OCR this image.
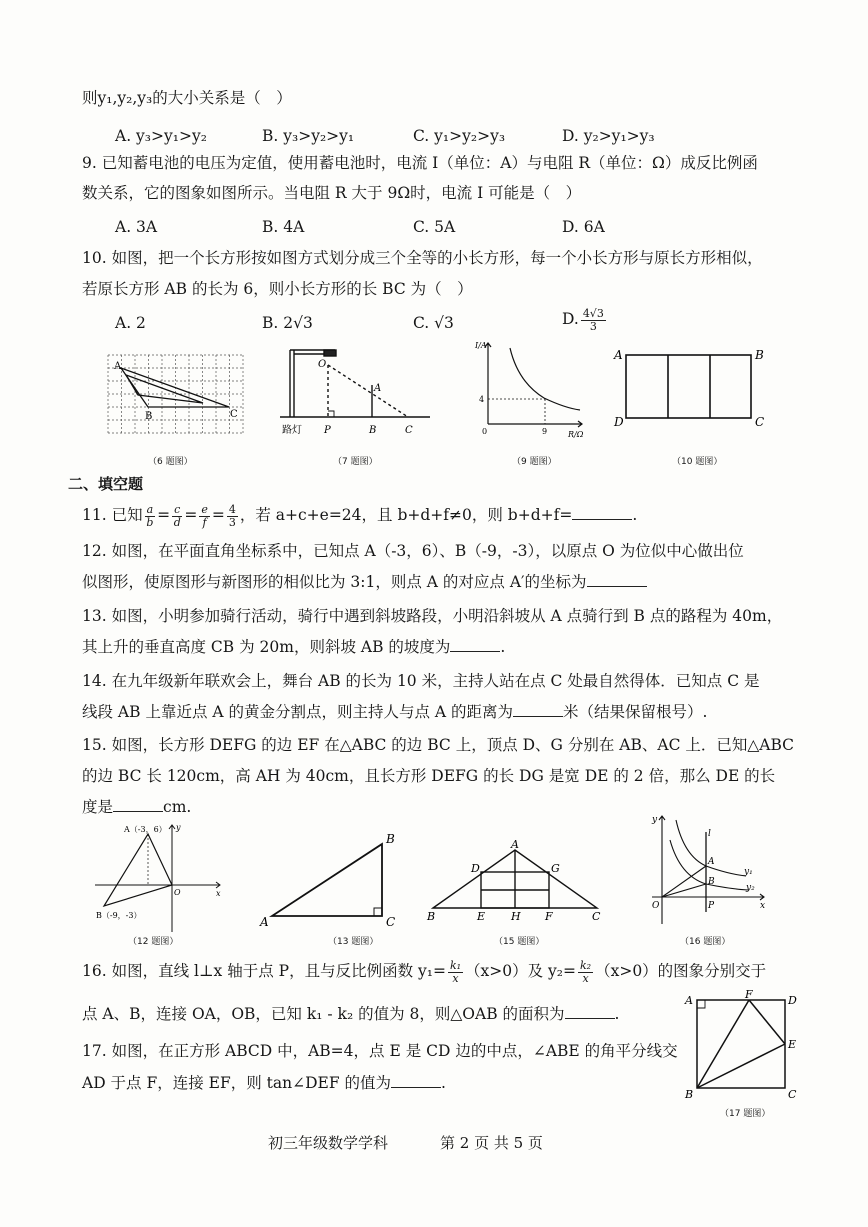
则y₁,y₂,y₃的大小关系是（　）
A. y₃>y₁>y₂	B. y₃>y₂>y₁	C. y₁>y₂>y₃	D. y₂>y₁>y₃
9. 已知蓄电池的电压为定值，使用蓄电池时，电流 I（单位：A）与电阻 R（单位：Ω）成反比例函
数关系，它的图象如图所示。当电阻 R 大于 9Ω时，电流 I 可能是（　）
A. 3A	B. 4A	C. 5A	D. 6A
10. 如图，把一个长方形按如图方式划分成三个全等的小长方形，每一个小长方形与原长方形相似，
若原长方形 AB 的长为 6，则小长方形的长 BC 为（　）
A. 2	B. 2√3	C. √3	D. $\frac{4√3}{3}$
A
B	C
（6 题图）
O
A
P	B	C
路灯
（7 题图）
I/A
R/Ω
0
4
9
（9 题图）
A	B
D	C
（10 题图）
二、填空题
11. 已知 $\frac{a}{b} = \frac{c}{d} = \frac{e}{f} = \frac{4}{3}$ ，若 a+c+e=24，且 b+d+f≠0，则 b+d+f=	.
12. 如图，在平面直角坐标系中，已知点 A（-3，6）、B（-9，-3），以原点 O 为位似中心做出位
似图形，使原图形与新图形的相似比为 3:1，则点 A 的对应点 A′的坐标为
13. 如图，小明参加骑行活动，骑行中遇到斜坡路段，小明沿斜坡从 A 点骑行到 B 点的路程为 40m，
其上升的垂直高度 CB 为 20m，则斜坡 AB 的坡度为	.
14. 在九年级新年联欢会上，舞台 AB 的长为 10 米，主持人站在点 C 处最自然得体．已知点 C 是
线段 AB 上靠近点 A 的黄金分割点，则主持人与点 A 的距离为	米（结果保留根号）.
15. 如图，长方形 DEFG 的边 EF 在△ABC 的边 BC 上，顶点 D、G 分别在 AB、AC 上．已知△ABC
的边 BC 长 120cm，高 AH 为 40cm，且长方形 DEFG 的长 DG 是宽 DE 的 2 倍，那么 DE 的长
度是	cm.
A（-3，6）
B（-9，-3）
y
x
O
（12 题图）
B
A	C
（13 题图）
A
D	G
B	E H F	C
（15 题图）
y
l
A
y₁
B
y₂
O	P	x
（16 题图）
16. 如图，直线 l⊥x 轴于点 P，且与反比例函数 $y_1= \frac{\text{k₁}}{x} (x>0)$及 $y_2= \frac{\text{k₂}}{x} (x>0)$的图象分别交于
点 A、B，连接 OA，OB，已知 k₁ - k₂ 的值为 8，则△OAB 的面积为	.
17. 如图，在正方形 ABCD 中，AB=4，点 E 是 CD 边的中点，∠ABE 的角平分线交
AD 于点 F，连接 EF，则 tan∠DEF 的值为	.
A	F	D
E
B	C
（17 题图）
初三年级数学学科	第 2 页 共 5 页
